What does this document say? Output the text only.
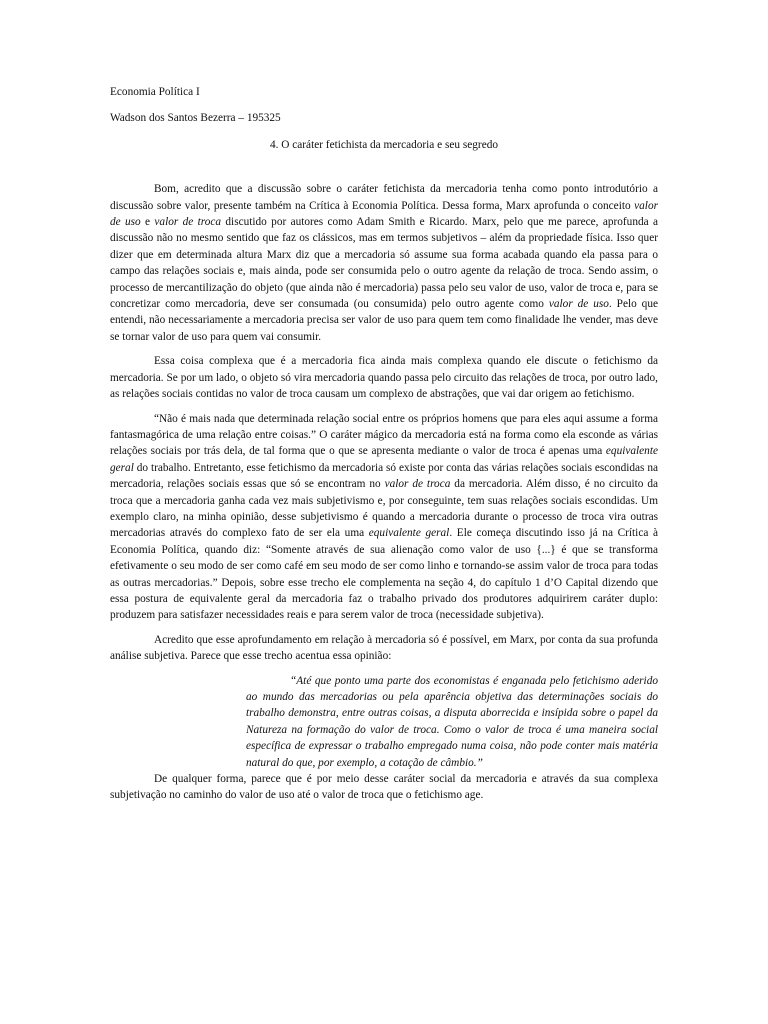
Economia Política I

Wadson dos Santos Bezerra – 195325

4. O caráter fetichista da mercadoria e seu segredo

Bom, acredito que a discussão sobre o caráter fetichista da mercadoria tenha como ponto introdutório a discussão sobre valor, presente também na Crítica à Economia Política. Dessa forma, Marx aprofunda o conceito valor de uso e valor de troca discutido por autores como Adam Smith e Ricardo. Marx, pelo que me parece, aprofunda a discussão não no mesmo sentido que faz os clássicos, mas em termos subjetivos – além da propriedade física. Isso quer dizer que em determinada altura Marx diz que a mercadoria só assume sua forma acabada quando ela passa para o campo das relações sociais e, mais ainda, pode ser consumida pelo o outro agente da relação de troca. Sendo assim, o processo de mercantilização do objeto (que ainda não é mercadoria) passa pelo seu valor de uso, valor de troca e, para se concretizar como mercadoria, deve ser consumada (ou consumida) pelo outro agente como valor de uso. Pelo que entendi, não necessariamente a mercadoria precisa ser valor de uso para quem tem como finalidade lhe vender, mas deve se tornar valor de uso para quem vai consumir.

Essa coisa complexa que é a mercadoria fica ainda mais complexa quando ele discute o fetichismo da mercadoria. Se por um lado, o objeto só vira mercadoria quando passa pelo circuito das relações de troca, por outro lado, as relações sociais contidas no valor de troca causam um complexo de abstrações, que vai dar origem ao fetichismo.

“Não é mais nada que determinada relação social entre os próprios homens que para eles aqui assume a forma fantasmagórica de uma relação entre coisas.” O caráter mágico da mercadoria está na forma como ela esconde as várias relações sociais por trás dela, de tal forma que o que se apresenta mediante o valor de troca é apenas uma equivalente geral do trabalho. Entretanto, esse fetichismo da mercadoria só existe por conta das várias relações sociais escondidas na mercadoria, relações sociais essas que só se encontram no valor de troca da mercadoria. Além disso, é no circuito da troca que a mercadoria ganha cada vez mais subjetivismo e, por conseguinte, tem suas relações sociais escondidas. Um exemplo claro, na minha opinião, desse subjetivismo é quando a mercadoria durante o processo de troca vira outras mercadorias através do complexo fato de ser ela uma equivalente geral. Ele começa discutindo isso já na Crítica à Economia Política, quando diz: “Somente através de sua alienação como valor de uso {...} é que se transforma efetivamente o seu modo de ser como café em seu modo de ser como linho e tornando-se assim valor de troca para todas as outras mercadorias.” Depois, sobre esse trecho ele complementa na seção 4, do capítulo 1 d’O Capital dizendo que essa postura de equivalente geral da mercadoria faz o trabalho privado dos produtores adquirirem caráter duplo: produzem para satisfazer necessidades reais e para serem valor de troca (necessidade subjetiva).

Acredito que esse aprofundamento em relação à mercadoria só é possível, em Marx, por conta da sua profunda análise subjetiva. Parece que esse trecho acentua essa opinião:

“Até que ponto uma parte dos economistas é enganada pelo fetichismo aderido ao mundo das mercadorias ou pela aparência objetiva das determinações sociais do trabalho demonstra, entre outras coisas, a disputa aborrecida e insípida sobre o papel da Natureza na formação do valor de troca. Como o valor de troca é uma maneira social específica de expressar o trabalho empregado numa coisa, não pode conter mais matéria natural do que, por exemplo, a cotação de câmbio.”

De qualquer forma, parece que é por meio desse caráter social da mercadoria e através da sua complexa subjetivação no caminho do valor de uso até o valor de troca que o fetichismo age.
